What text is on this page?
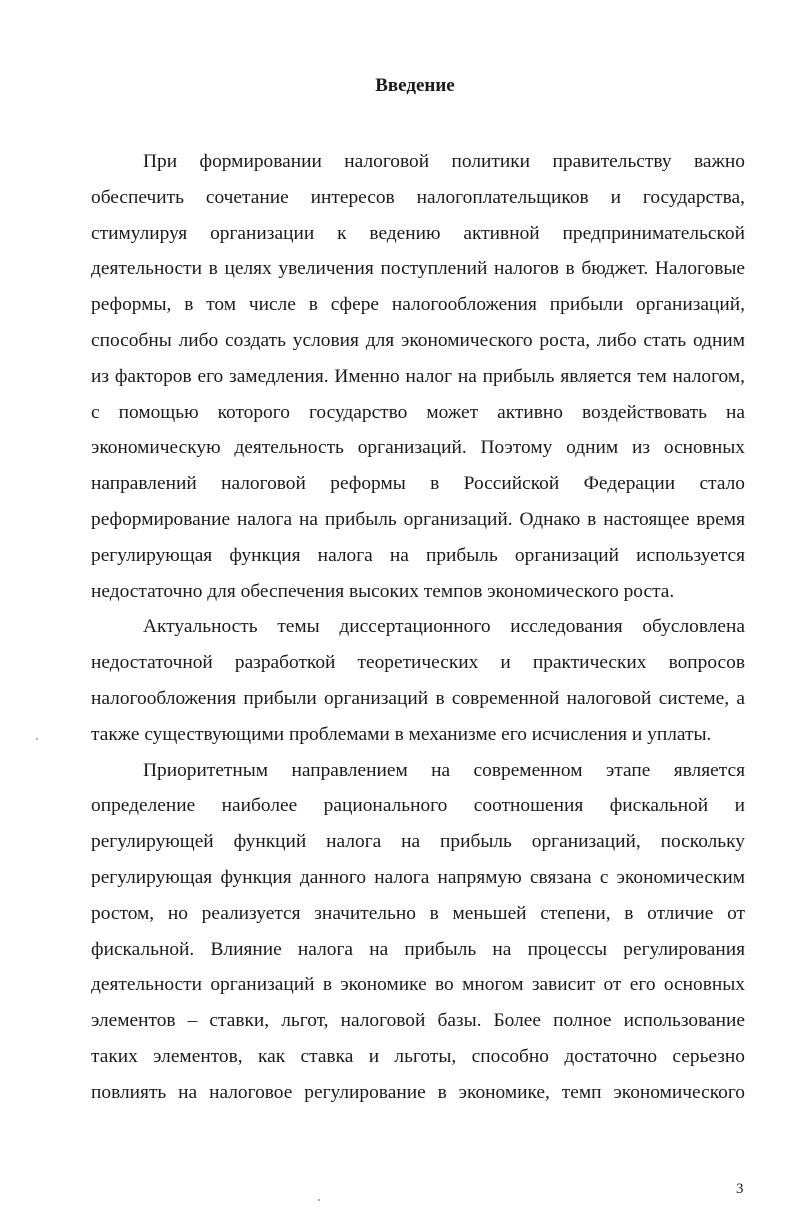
Введение

При формировании налоговой политики правительству важно
обеспечить сочетание интересов налогоплательщиков и государства,
стимулируя организации к ведению активной предпринимательской
деятельности в целях увеличения поступлений налогов в бюджет. Налоговые
реформы, в том числе в сфере налогообложения прибыли организаций,
способны либо создать условия для экономического роста, либо стать одним
из факторов его замедления. Именно налог на прибыль является тем налогом,
с помощью которого государство может активно воздействовать на
экономическую деятельность организаций. Поэтому одним из основных
направлений налоговой реформы в Российской Федерации стало
реформирование налога на прибыль организаций. Однако в настоящее время
регулирующая функция налога на прибыль организаций используется
недостаточно для обеспечения высоких темпов экономического роста.

Актуальность темы диссертационного исследования обусловлена
недостаточной разработкой теоретических и практических вопросов
налогообложения прибыли организаций в современной налоговой системе, а
также существующими проблемами в механизме его исчисления и уплаты.

Приоритетным направлением на современном этапе является
определение наиболее рационального соотношения фискальной и
регулирующей функций налога на прибыль организаций, поскольку
регулирующая функция данного налога напрямую связана с экономическим
ростом, но реализуется значительно в меньшей степени, в отличие от
фискальной. Влияние налога на прибыль на процессы регулирования
деятельности организаций в экономике во многом зависит от его основных
элементов – ставки, льгот, налоговой базы. Более полное использование
таких элементов, как ставка и льготы, способно достаточно серьезно
повлиять на налоговое регулирование в экономике, темп экономического

3
